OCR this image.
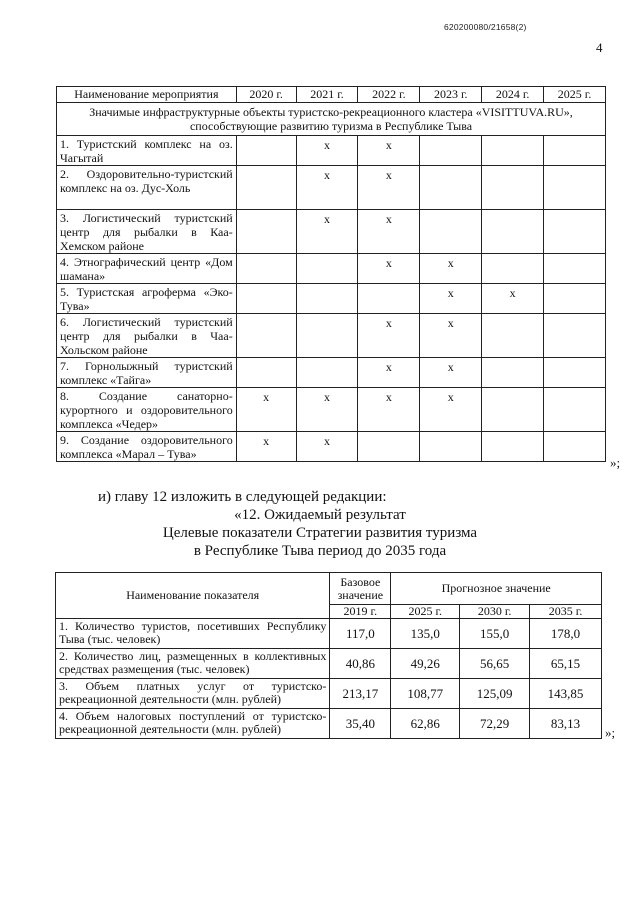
620200080/21658(2)
4
Наименование мероприятия	2020 г.	2021 г.	2022 г.	2023 г.	2024 г.	2025 г.
Значимые инфраструктурные объекты туристско-рекреационного кластера «VISITTUVA.RU», способствующие развитию туризма в Республике Тыва						
1. Туристский комплекс на оз. Чагытай		x	x			
2. Оздоровительно-туристский комплекс на оз. Дус-Холь		x	x			
3. Логистический туристский центр для рыбалки в Каа-Хемском районе		x	x			
4. Этнографический центр «Дом шамана»			x	x		
5. Туристская агроферма «Эко-Тува»				x	x	
6. Логистический туристский центр для рыбалки в Чаа-Хольском районе			x	x		
7. Горнолыжный туристский комплекс «Тайга»			x	x		
8. Создание санаторно-курортного и оздоровительного комплекса «Чедер»	x	x	x	x		
9. Создание оздоровительного комплекса «Марал – Тува»	x	x				
»;
и) главу 12 изложить в следующей редакции:
«12. Ожидаемый результат
Целевые показатели Стратегии развития туризма
в Республике Тыва период до 2035 года
Наименование показателя	Базовое значение	Прогнозное значение		
	2019 г.	2025 г.	2030 г.	2035 г.
1. Количество туристов, посетивших Республику Тыва (тыс. человек)	117,0	135,0	155,0	178,0
2. Количество лиц, размещенных в коллективных средствах размещения (тыс. человек)	40,86	49,26	56,65	65,15
3. Объем платных услуг от туристско-рекреационной деятельности (млн. рублей)	213,17	108,77	125,09	143,85
4. Объем налоговых поступлений от туристско-рекреационной деятельности (млн. рублей)	35,40	62,86	72,29	83,13
»;
